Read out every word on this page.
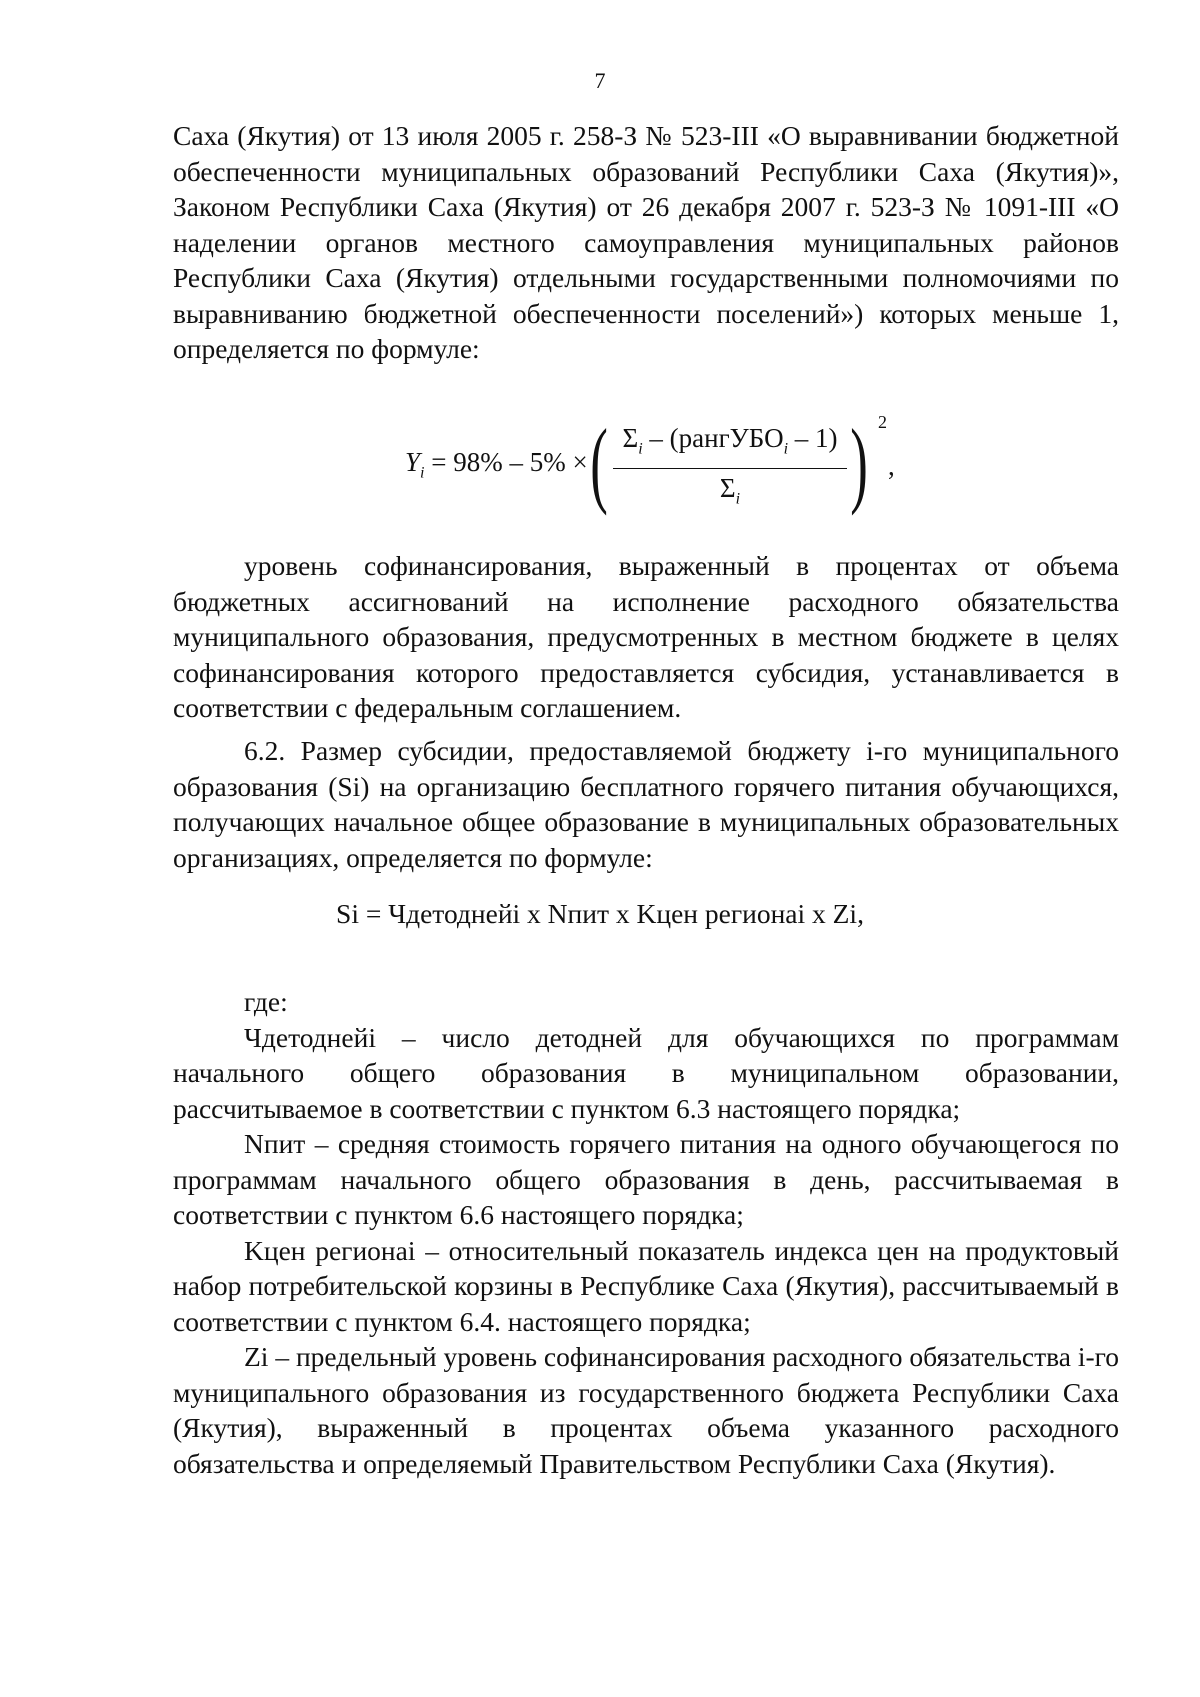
7

Саха (Якутия) от 13 июля 2005 г. 258-З № 523-III «О выравнивании бюджетной обеспеченности муниципальных образований Республики Саха (Якутия)», Законом Республики Саха (Якутия) от 26 декабря 2007 г. 523-З № 1091-III «О наделении органов местного самоуправления муниципальных районов Республики Саха (Якутия) отдельными государственными полномочиями по выравниванию бюджетной обеспеченности поселений») которых меньше 1, определяется по формуле:

$Y_i = 98\% - 5\%$ × ( $\Sigma_i$ – (рангУБО$_i$ – 1)
$\Sigma_i$	) 2
,

уровень софинансирования, выраженный в процентах от объема бюджетных ассигнований на исполнение расходного обязательства муниципального образования, предусмотренных в местном бюджете в целях софинансирования которого предоставляется субсидия, устанавливается в соответствии с федеральным соглашением.

6.2. Размер субсидии, предоставляемой бюджету i-го муниципального образования (Si) на организацию бесплатного горячего питания обучающихся, получающих начальное общее образование в муниципальных образовательных организациях, определяется по формуле:

Si = Чдетоднейi x Nпит x Kцен регионаi x Zi,

где:

Чдетоднейi – число детодней для обучающихся по программам начального общего образования в муниципальном образовании, рассчитываемое в соответствии с пунктом 6.3 настоящего порядка;

Nпит – средняя стоимость горячего питания на одного обучающегося по программам начального общего образования в день, рассчитываемая в соответствии с пунктом 6.6 настоящего порядка;

Kцен регионаi – относительный показатель индекса цен на продуктовый набор потребительской корзины в Республике Саха (Якутия), рассчитываемый в соответствии с пунктом 6.4. настоящего порядка;

Zi – предельный уровень софинансирования расходного обязательства i-го муниципального образования из государственного бюджета Республики Саха (Якутия), выраженный в процентах объема указанного расходного обязательства и определяемый Правительством Республики Саха (Якутия).
